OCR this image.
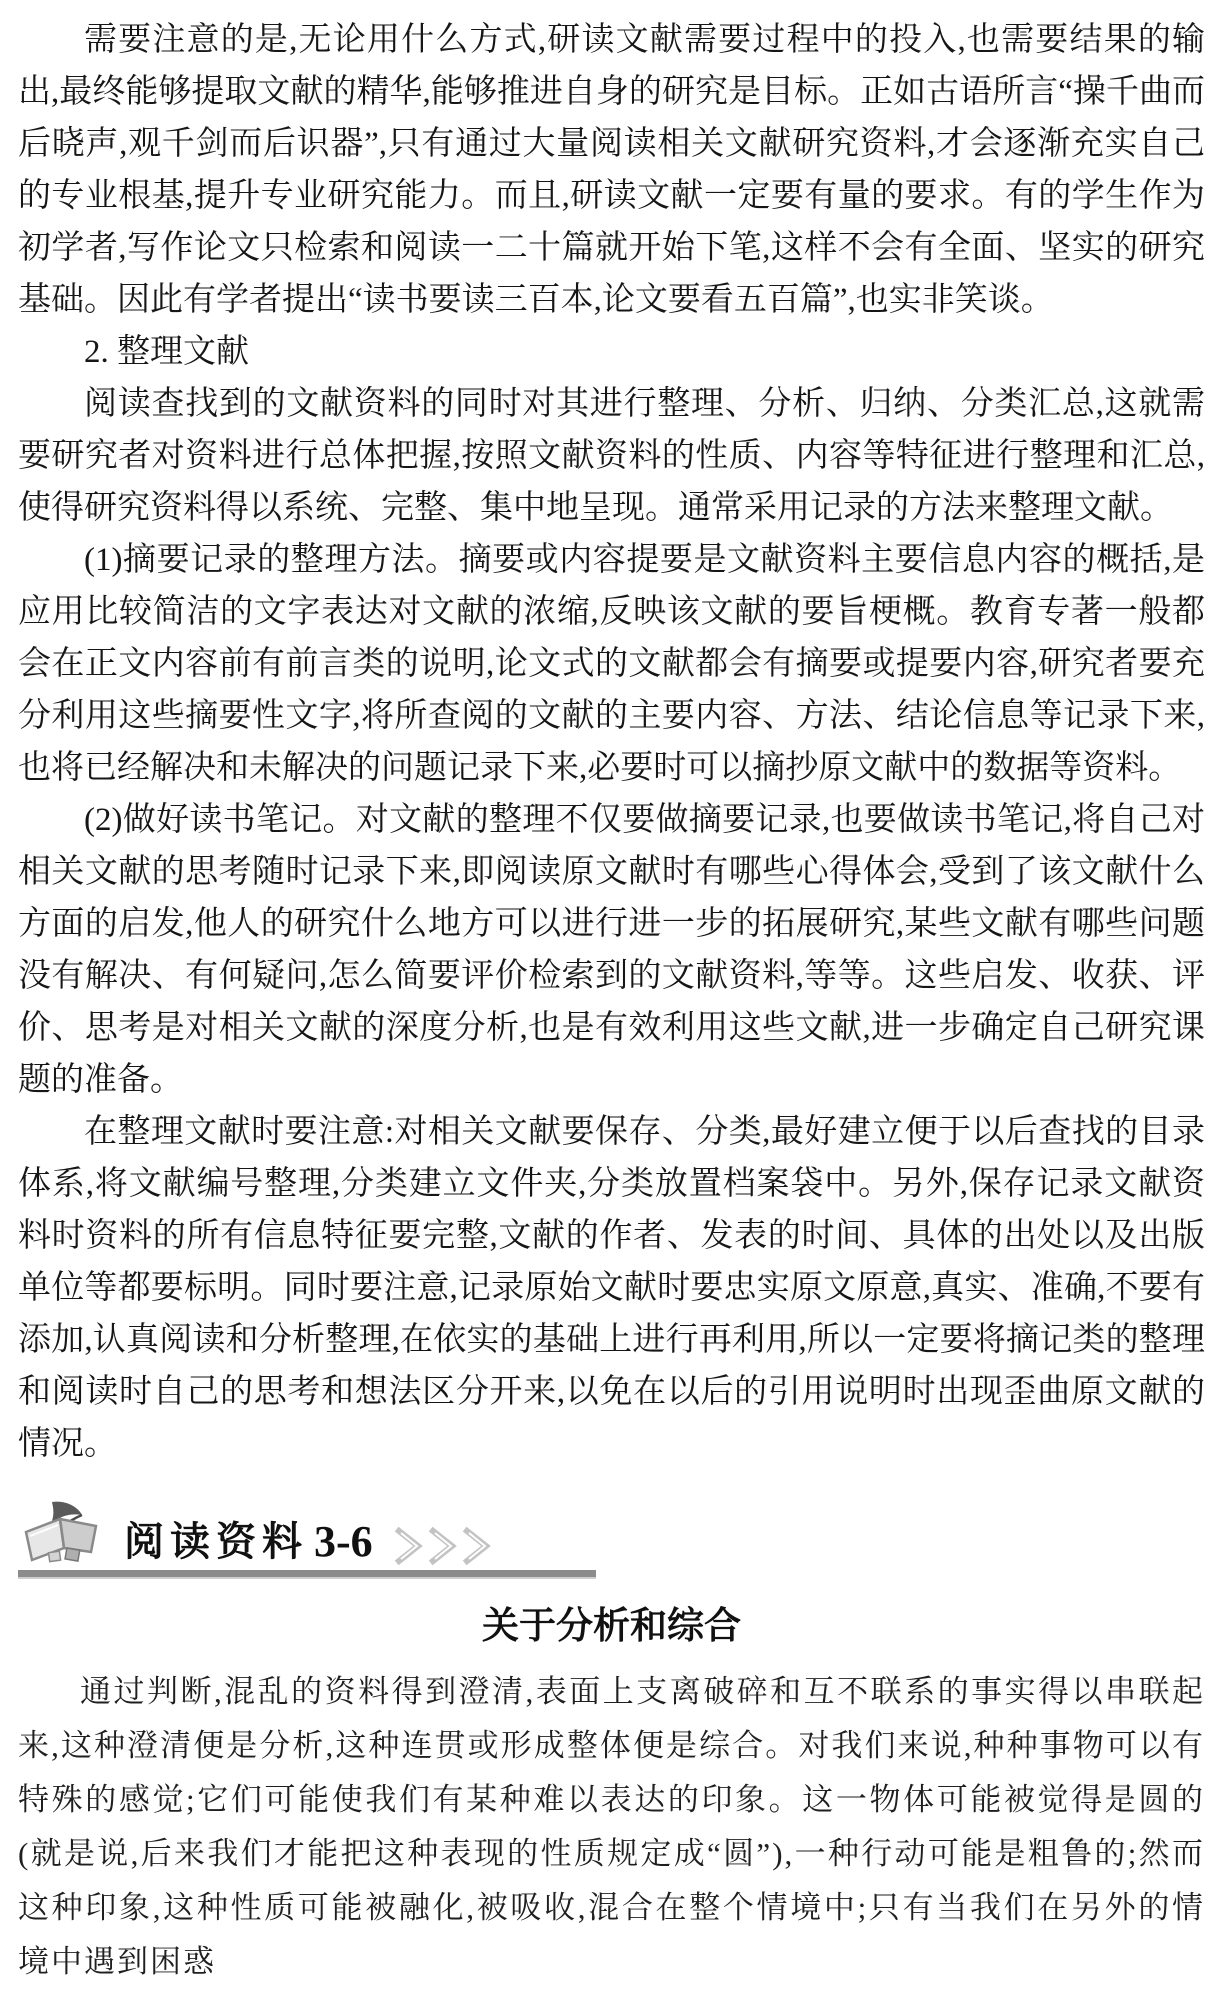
需要注意的是,无论用什么方式,研读文献需要过程中的投入,也需要结果的输出,最终能够提取文献的精华,能够推进自身的研究是目标。正如古语所言“操千曲而后晓声,观千剑而后识器”,只有通过大量阅读相关文献研究资料,才会逐渐充实自己的专业根基,提升专业研究能力。而且,研读文献一定要有量的要求。有的学生作为初学者,写作论文只检索和阅读一二十篇就开始下笔,这样不会有全面、坚实的研究基础。因此有学者提出“读书要读三百本,论文要看五百篇”,也实非笑谈。

2. 整理文献

阅读查找到的文献资料的同时对其进行整理、分析、归纳、分类汇总,这就需要研究者对资料进行总体把握,按照文献资料的性质、内容等特征进行整理和汇总,使得研究资料得以系统、完整、集中地呈现。通常采用记录的方法来整理文献。

(1)摘要记录的整理方法。摘要或内容提要是文献资料主要信息内容的概括,是应用比较简洁的文字表达对文献的浓缩,反映该文献的要旨梗概。教育专著一般都会在正文内容前有前言类的说明,论文式的文献都会有摘要或提要内容,研究者要充分利用这些摘要性文字,将所查阅的文献的主要内容、方法、结论信息等记录下来,也将已经解决和未解决的问题记录下来,必要时可以摘抄原文献中的数据等资料。

(2)做好读书笔记。对文献的整理不仅要做摘要记录,也要做读书笔记,将自己对相关文献的思考随时记录下来,即阅读原文献时有哪些心得体会,受到了该文献什么方面的启发,他人的研究什么地方可以进行进一步的拓展研究,某些文献有哪些问题没有解决、有何疑问,怎么简要评价检索到的文献资料,等等。这些启发、收获、评价、思考是对相关文献的深度分析,也是有效利用这些文献,进一步确定自己研究课题的准备。

在整理文献时要注意:对相关文献要保存、分类,最好建立便于以后查找的目录体系,将文献编号整理,分类建立文件夹,分类放置档案袋中。另外,保存记录文献资料时资料的所有信息特征要完整,文献的作者、发表的时间、具体的出处以及出版单位等都要标明。同时要注意,记录原始文献时要忠实原文原意,真实、准确,不要有添加,认真阅读和分析整理,在依实的基础上进行再利用,所以一定要将摘记类的整理和阅读时自己的思考和想法区分开来,以免在以后的引用说明时出现歪曲原文献的情况。

阅读资料 3-6
关于分析和综合

通过判断,混乱的资料得到澄清,表面上支离破碎和互不联系的事实得以串联起来,这种澄清便是分析,这种连贯或形成整体便是综合。对我们来说,种种事物可以有特殊的感觉;它们可能使我们有某种难以表达的印象。这一物体可能被觉得是圆的(就是说,后来我们才能把这种表现的性质规定成“圆”),一种行动可能是粗鲁的;然而这种印象,这种性质可能被融化,被吸收,混合在整个情境中;只有当我们在另外的情境中遇到困惑
